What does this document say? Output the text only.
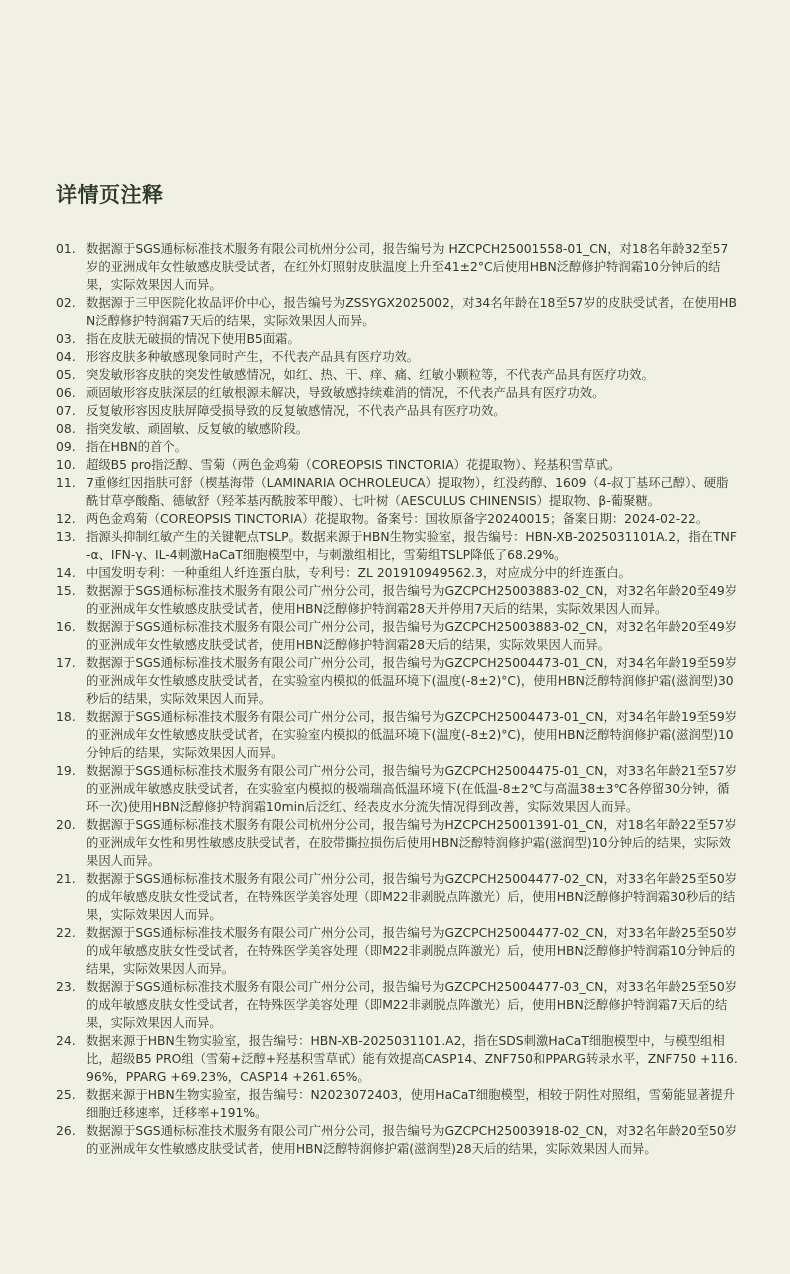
详情页注释
01. 数据源于SGS通标标准技术服务有限公司杭州分公司，报告编号为 HZCPCH25001558-01_CN，对18名年龄32至57岁的亚洲成年女性敏感皮肤受试者，在红外灯照射皮肤温度上升至41±2°C后使用HBN泛醇修护特润霜10分钟后的结果，实际效果因人而异。
02. 数据源于三甲医院化妆品评价中心，报告编号为ZSSYGX2025002，对34名年龄在18至57岁的皮肤受试者，在使用HBN泛醇修护特润霜7天后的结果，实际效果因人而异。
03. 指在皮肤无破损的情况下使用B5面霜。
04. 形容皮肤多种敏感现象同时产生，不代表产品具有医疗功效。
05. 突发敏形容皮肤的突发性敏感情况，如红、热、干、痒、痛、红敏小颗粒等，不代表产品具有医疗功效。
06. 顽固敏形容皮肤深层的红敏根源未解决，导致敏感持续难消的情况，不代表产品具有医疗功效。
07. 反复敏形容因皮肤屏障受损导致的反复敏感情况，不代表产品具有医疗功效。
08. 指突发敏、顽固敏、反复敏的敏感阶段。
09. 指在HBN的首个。
10. 超级B5 pro指泛醇、雪菊（两色金鸡菊（COREOPSIS TINCTORIA）花提取物）、羟基积雪草甙。
11. 7重修红因指肤可舒（楔基海带（LAMINARIA OCHROLEUCA）提取物），红没药醇、1609（4-叔丁基环己醇）、硬脂酰甘草亭酸酯、德敏舒（羟苯基丙酰胺苯甲酸）、七叶树（AESCULUS CHINENSIS）提取物、β-葡聚糖。
12. 两色金鸡菊（COREOPSIS TINCTORIA）花提取物。备案号：国妆原备字20240015；备案日期：2024-02-22。
13. 指源头抑制红敏产生的关键靶点TSLP。数据来源于HBN生物实验室，报告编号：HBN-XB-2025031101A.2，指在TNF-α、IFN-γ、IL-4刺激HaCaT细胞模型中，与刺激组相比，雪菊组TSLP降低了68.29%。
14. 中国发明专利：一种重组人纤连蛋白肽，专利号：ZL 201910949562.3，对应成分中的纤连蛋白。
15. 数据源于SGS通标标准技术服务有限公司广州分公司，报告编号为GZCPCH25003883-02_CN，对32名年龄20至49岁的亚洲成年女性敏感皮肤受试者，使用HBN泛醇修护特润霜28天并停用7天后的结果，实际效果因人而异。
16. 数据源于SGS通标标准技术服务有限公司广州分公司，报告编号为GZCPCH25003883-02_CN，对32名年龄20至49岁的亚洲成年女性敏感皮肤受试者，使用HBN泛醇修护特润霜28天后的结果，实际效果因人而异。
17. 数据源于SGS通标标准技术服务有限公司广州分公司，报告编号为GZCPCH25004473-01_CN，对34名年龄19至59岁的亚洲成年女性敏感皮肤受试者，在实验室内模拟的低温环境下(温度(-8±2)°C)，使用HBN泛醇特润修护霜(滋润型)30秒后的结果，实际效果因人而异。
18. 数据源于SGS通标标准技术服务有限公司广州分公司，报告编号为GZCPCH25004473-01_CN，对34名年龄19至59岁的亚洲成年女性敏感皮肤受试者，在实验室内模拟的低温环境下(温度(-8±2)°C)，使用HBN泛醇特润修护霜(滋润型)10分钟后的结果，实际效果因人而异。
19. 数据源于SGS通标标准技术服务有限公司广州分公司，报告编号为GZCPCH25004475-01_CN，对33名年龄21至57岁的亚洲成年敏感皮肤受试者，在实验室内模拟的极端瑞高低温环境下(在低温-8±2℃与高温38±3℃各停留30分钟，循环一次)使用HBN泛醇修护特润霜10min后泛红、经表皮水分流失情况得到改善，实际效果因人而异。
20. 数据源于SGS通标标准技术服务有限公司杭州分公司，报告编号为HZCPCH25001391-01_CN，对18名年龄22至57岁的亚洲成年女性和男性敏感皮肤受试者，在胶带撕拉损伤后使用HBN泛醇特润修护霜(滋润型)10分钟后的结果，实际效果因人而异。
21. 数据源于SGS通标标准技术服务有限公司广州分公司，报告编号为GZCPCH25004477-02_CN，对33名年龄25至50岁的成年敏感皮肤女性受试者，在特殊医学美容处理（即M22非剥脱点阵激光）后，使用HBN泛醇修护特润霜30秒后的结果，实际效果因人而异。
22. 数据源于SGS通标标准技术服务有限公司广州分公司，报告编号为GZCPCH25004477-02_CN，对33名年龄25至50岁的成年敏感皮肤女性受试者，在特殊医学美容处理（即M22非剥脱点阵激光）后，使用HBN泛醇修护特润霜10分钟后的结果，实际效果因人而异。
23. 数据源于SGS通标标准技术服务有限公司广州分公司，报告编号为GZCPCH25004477-03_CN，对33名年龄25至50岁的成年敏感皮肤女性受试者，在特殊医学美容处理（即M22非剥脱点阵激光）后，使用HBN泛醇修护特润霜7天后的结果，实际效果因人而异。
24. 数据来源于HBN生物实验室，报告编号：HBN-XB-2025031101.A2，指在SDS刺激HaCaT细胞模型中，与模型组相比，超级B5 PRO组（雪菊+泛醇+羟基积雪草甙）能有效提高CASP14、ZNF750和PPARG转录水平，ZNF750 +116.96%，PPARG +69.23%，CASP14 +261.65%。
25. 数据来源于HBN生物实验室，报告编号：N2023072403，使用HaCaT细胞模型，相较于阴性对照组，雪菊能显著提升细胞迁移速率，迁移率+191%。
26. 数据源于SGS通标标准技术服务有限公司广州分公司，报告编号为GZCPCH25003918-02_CN，对32名年龄20至50岁的亚洲成年女性敏感皮肤受试者，使用HBN泛醇特润修护霜(滋润型)28天后的结果，实际效果因人而异。
